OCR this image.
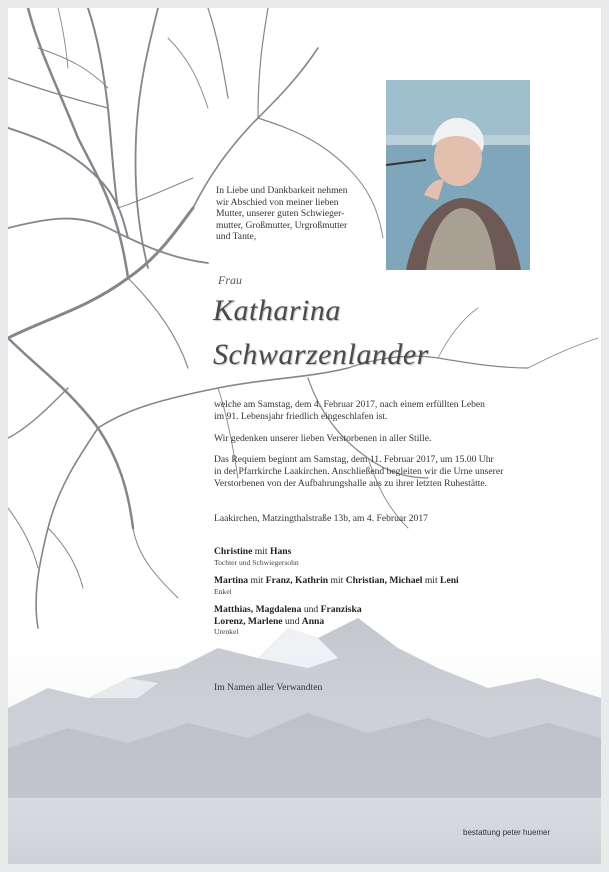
In Liebe und Dankbarkeit nehmen
wir Abschied von meiner lieben
Mutter, unserer guten Schwieger-
mutter, Großmutter, Urgroßmutter
und Tante,
Frau
Katharina
Schwarzenlander
welche am Samstag, dem 4. Februar 2017, nach einem erfüllten Leben
im 91. Lebensjahr friedlich eingeschlafen ist.
Wir gedenken unserer lieben Verstorbenen in aller Stille.
Das Requiem beginnt am Samstag, dem 11. Februar 2017, um 15.00 Uhr
in der Pfarrkirche Laakirchen. Anschließend begleiten wir die Urne unserer
Verstorbenen von der Aufbahrungshalle aus zu ihrer letzten Ruhestätte.
Laakirchen, Matzingthalstraße 13b, am 4. Februar 2017
Christine mit Hans
Tochter und Schwiegersohn
Martina mit Franz, Kathrin mit Christian, Michael mit Leni
Enkel
Matthias, Magdalena und Franziska
Lorenz, Marlene und Anna
Urenkel
Im Namen aller Verwandten
bestattung peter huemer
